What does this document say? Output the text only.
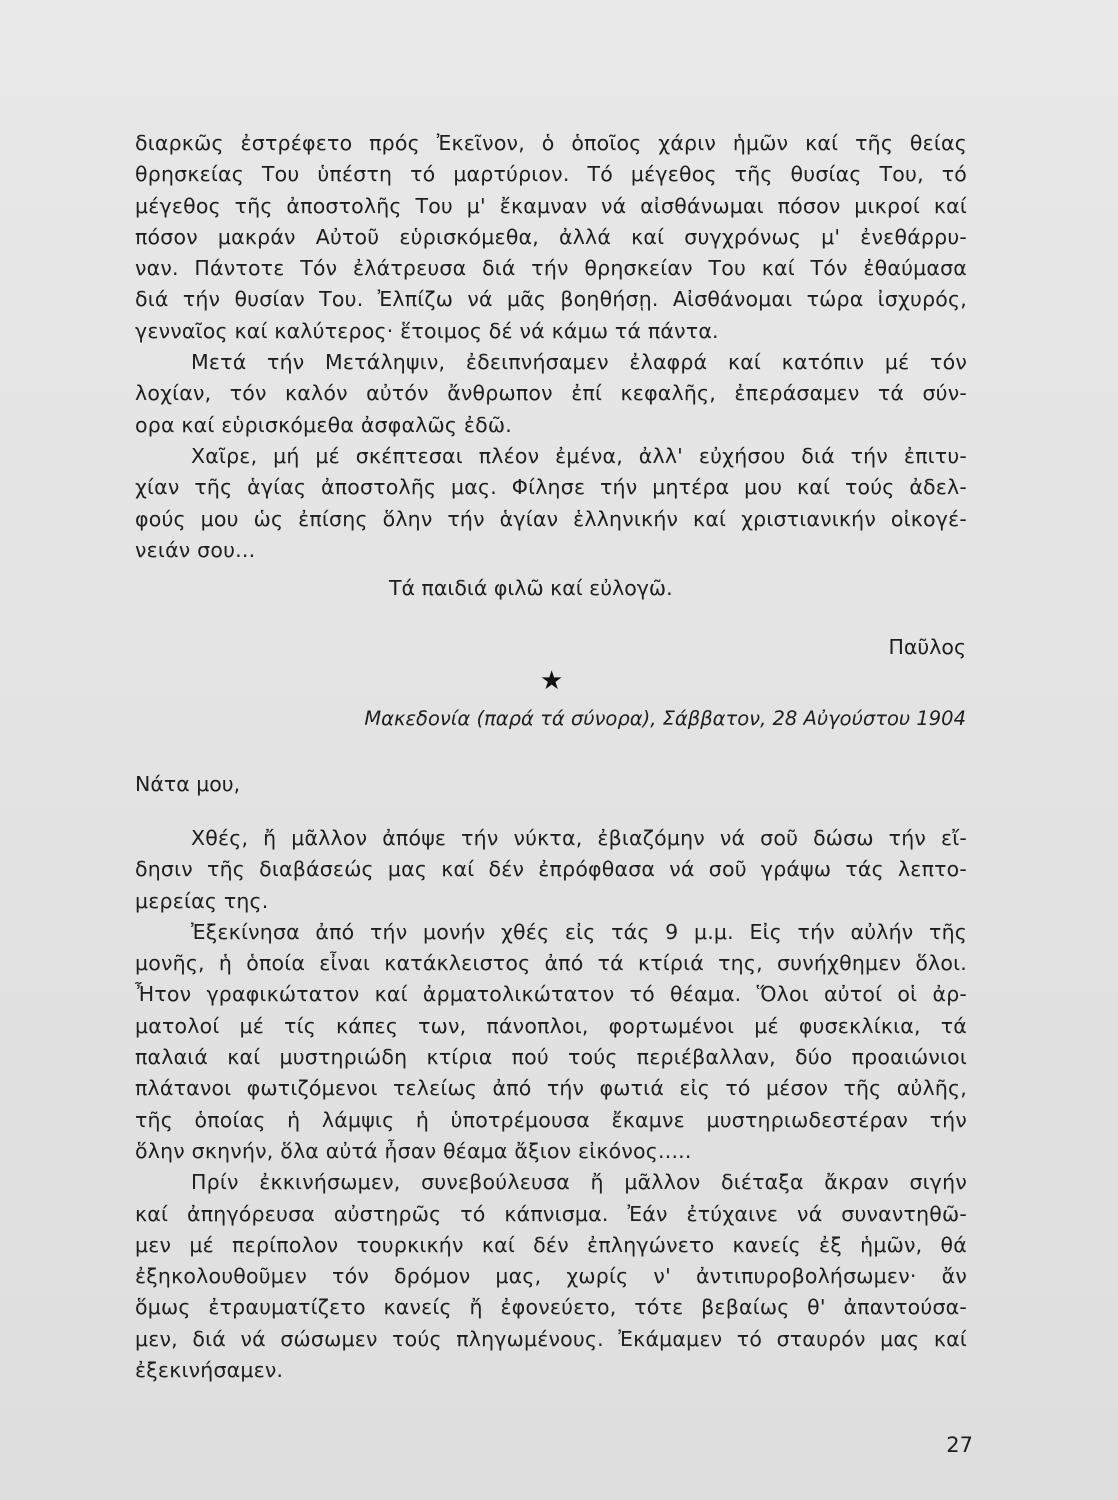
διαρκῶς ἐστρέφετο πρός Ἐκεῖνον, ὁ ὁποῖος χάριν ἡμῶν καί τῆς θείας
θρησκείας Του ὑπέστη τό μαρτύριον. Τό μέγεθος τῆς θυσίας Του, τό
μέγεθος τῆς ἀποστολῆς Του μ' ἔκαμναν νά αἰσθάνωμαι πόσον μικροί καί
πόσον μακράν Αὐτοῦ εὑρισκόμεθα, ἀλλά καί συγχρόνως μ' ἐνεθάρρυ-
ναν. Πάντοτε Τόν ἐλάτρευσα διά τήν θρησκείαν Του καί Τόν ἐθαύμασα
διά τήν θυσίαν Του. Ἐλπίζω νά μᾶς βοηθήσῃ. Αἰσθάνομαι τώρα ἰσχυρός,
γενναῖος καί καλύτερος· ἕτοιμος δέ νά κάμω τά πάντα.
Μετά τήν Μετάληψιν, ἐδειπνήσαμεν ἐλαφρά καί κατόπιν μέ τόν
λοχίαν, τόν καλόν αὐτόν ἄνθρωπον ἐπί κεφαλῆς, ἐπεράσαμεν τά σύν-
ορα καί εὑρισκόμεθα ἀσφαλῶς ἐδῶ.
Χαῖρε, μή μέ σκέπτεσαι πλέον ἐμένα, ἀλλ' εὐχήσου διά τήν ἐπιτυ-
χίαν τῆς ἁγίας ἀποστολῆς μας. Φίλησε τήν μητέρα μου καί τούς ἀδελ-
φούς μου ὡς ἐπίσης ὅλην τήν ἁγίαν ἑλληνικήν καί χριστιανικήν οἰκογέ-
νειάν σου...
Τά παιδιά φιλῶ καί εὐλογῶ.
Παῦλος
★
Μακεδονία (παρά τά σύνορα), Σάββατον, 28 Αὐγούστου 1904
Νάτα μου,
Χθές, ἤ μᾶλλον ἀπόψε τήν νύκτα, ἐβιαζόμην νά σοῦ δώσω τήν εἴ-
δησιν τῆς διαβάσεώς μας καί δέν ἐπρόφθασα νά σοῦ γράψω τάς λεπτο-
μερείας της.
Ἐξεκίνησα ἀπό τήν μονήν χθές εἰς τάς 9 μ.μ. Εἰς τήν αὐλήν τῆς
μονῆς, ἡ ὁποία εἶναι κατάκλειστος ἀπό τά κτίριά της, συνήχθημεν ὅλοι.
Ἦτον γραφικώτατον καί ἀρματολικώτατον τό θέαμα. Ὅλοι αὐτοί οἱ ἀρ-
ματολοί μέ τίς κάπες των, πάνοπλοι, φορτωμένοι μέ φυσεκλίκια, τά
παλαιά καί μυστηριώδη κτίρια πού τούς περιέβαλλαν, δύο προαιώνιοι
πλάτανοι φωτιζόμενοι τελείως ἀπό τήν φωτιά εἰς τό μέσον τῆς αὐλῆς,
τῆς ὁποίας ἡ λάμψις ἡ ὑποτρέμουσα ἔκαμνε μυστηριωδεστέραν τήν
ὅλην σκηνήν, ὅλα αὐτά ἦσαν θέαμα ἄξιον εἰκόνος.....
Πρίν ἐκκινήσωμεν, συνεβούλευσα ἤ μᾶλλον διέταξα ἄκραν σιγήν
καί ἀπηγόρευσα αὐστηρῶς τό κάπνισμα. Ἐάν ἐτύχαινε νά συναντηθῶ-
μεν μέ περίπολον τουρκικήν καί δέν ἐπληγώνετο κανείς ἐξ ἡμῶν, θά
ἐξηκολουθοῦμεν τόν δρόμον μας, χωρίς ν' ἀντιπυροβολήσωμεν· ἄν
ὅμως ἐτραυματίζετο κανείς ἤ ἐφονεύετο, τότε βεβαίως θ' ἀπαντούσα-
μεν, διά νά σώσωμεν τούς πληγωμένους. Ἐκάμαμεν τό σταυρόν μας καί
ἐξεκινήσαμεν.
27
